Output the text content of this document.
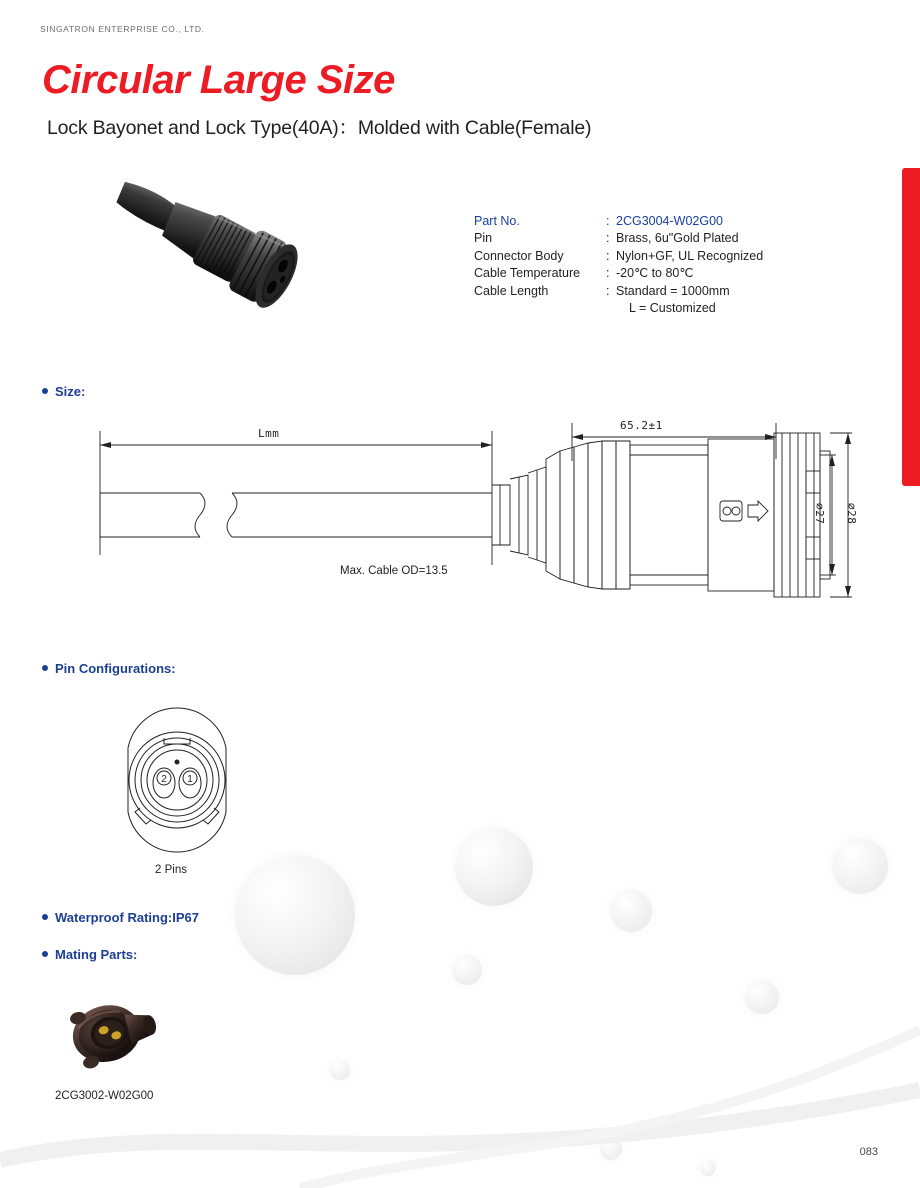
SINGATRON ENTERPRISE CO., LTD.
Circular Large Size
Lock Bayonet and Lock Type(40A)：Molded with Cable(Female)
Part No.	: 2CG3004-W02G00
Pin	: Brass, 6u"Gold Plated
Connector Body	: Nylon+GF, UL Recognized
Cable Temperature	: -20℃ to 80℃
Cable Length	: Standard = 1000mm
L = Customized
Size:
Lmm
65.2±1
⌀27 ⌀28
Max. Cable OD=13.5
Pin Configurations:
2 1
2 Pins
Waterproof Rating:IP67
Mating Parts:
2CG3002-W02G00
083
